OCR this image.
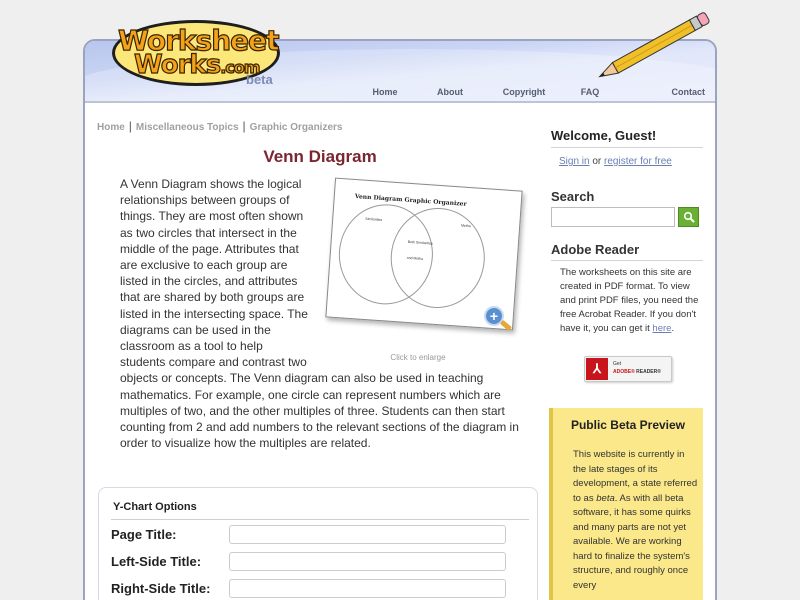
Home	About	Copyright	FAQ	Contact
Worksheet
Works.com
beta
Home | Miscellaneous Topics | Graphic Organizers
Venn Diagram
Venn Diagram Graphic Organizer
Similarities
Metha
Both Similarities and Metha
+
Click to enlarge
A Venn Diagram shows the logical relationships between groups of things. They are most often shown as two circles that intersect in the middle of the page. Attributes that are exclusive to each group are listed in the circles, and attributes that are shared by both groups are listed in the intersecting space. The diagrams can be used in the classroom as a tool to help students compare and contrast two objects or concepts. The Venn diagram can also be used in teaching mathematics. For example, one circle can represent numbers which are multiples of two, and the other multiples of three. Students can then start counting from 2 and add numbers to the relevant sections of the diagram in order to visualize how the multiples are related.
Y-Chart Options
Page Title:
Left-Side Title:
Right-Side Title:
Welcome, Guest!
Sign in or register for free
Search
Adobe Reader
The worksheets on this site are created in PDF format. To view and print PDF files, you need the free Acrobat Reader. If you don't have it, you can get it here.
⅄	Get
ADOBE® READER®
Public Beta Preview
This website is currently in the late stages of its development, a state referred to as beta. As with all beta software, it has some quirks and many parts are not yet available. We are working hard to finalize the system's structure, and roughly once every
